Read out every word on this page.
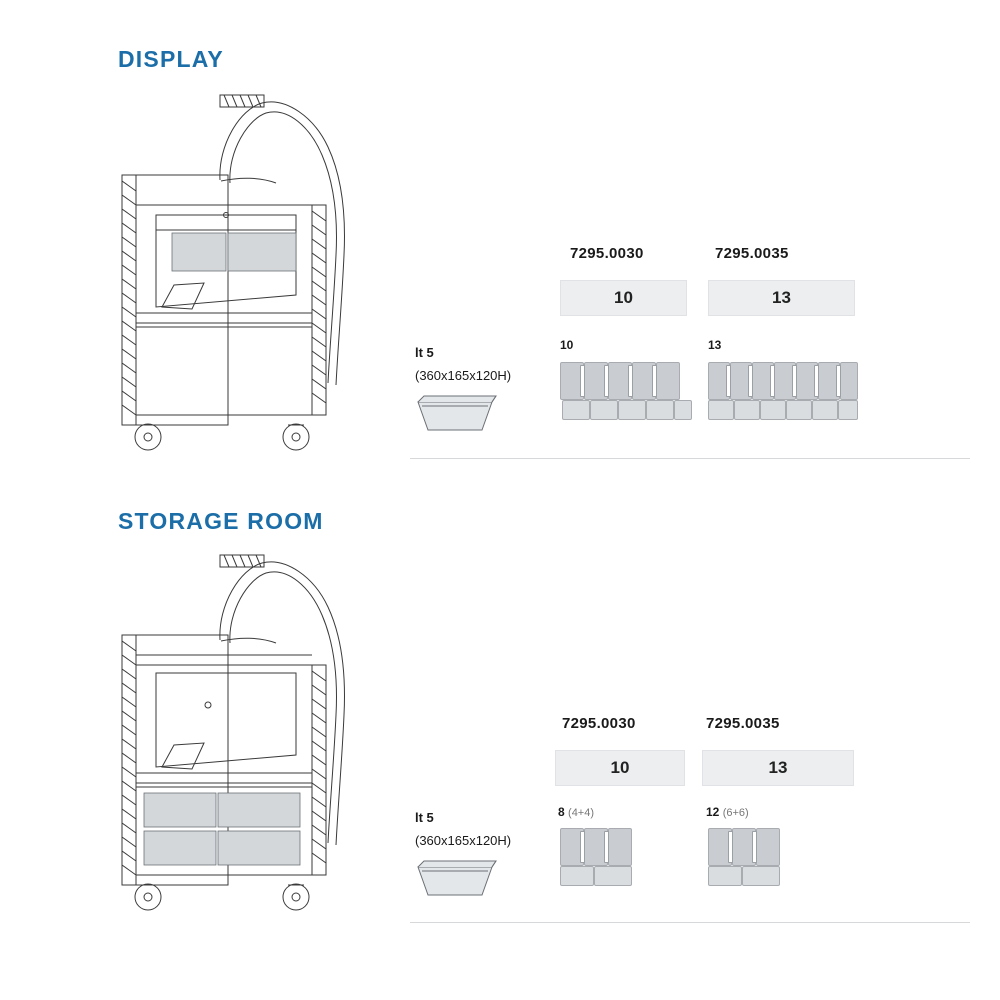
DISPLAY
7295.0030	7295.0035
10	13
lt 5
(360x165x120H)
10	13
STORAGE ROOM
7295.0030	7295.0035
10	13
lt 5
(360x165x120H)
8 (4+4)	12 (6+6)
